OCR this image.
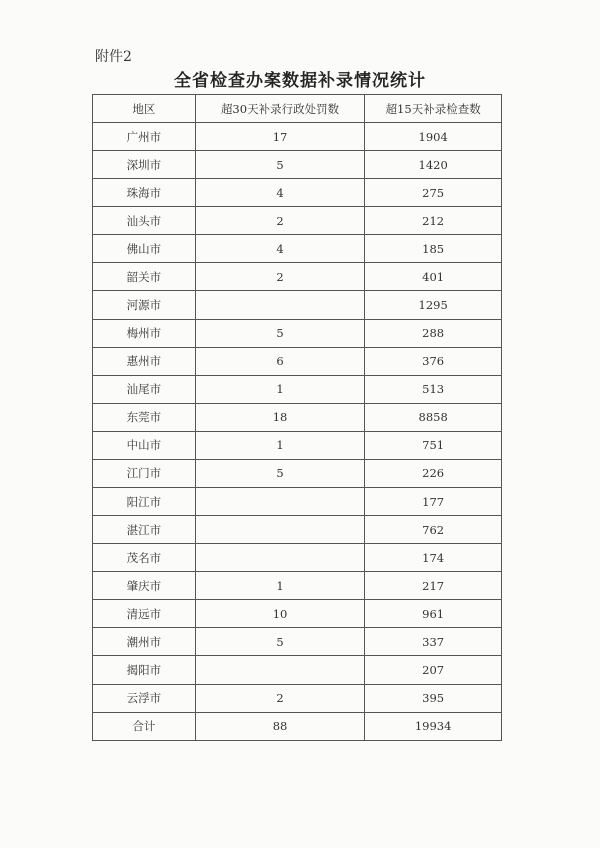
附件2
全省检查办案数据补录情况统计
地区	超30天补录行政处罚数	超15天补录检查数
广州市	17	1904
深圳市	5	1420
珠海市	4	275
汕头市	2	212
佛山市	4	185
韶关市	2	401
河源市		1295
梅州市	5	288
惠州市	6	376
汕尾市	1	513
东莞市	18	8858
中山市	1	751
江门市	5	226
阳江市		177
湛江市		762
茂名市		174
肇庆市	1	217
清远市	10	961
潮州市	5	337
揭阳市		207
云浮市	2	395
合计	88	19934
